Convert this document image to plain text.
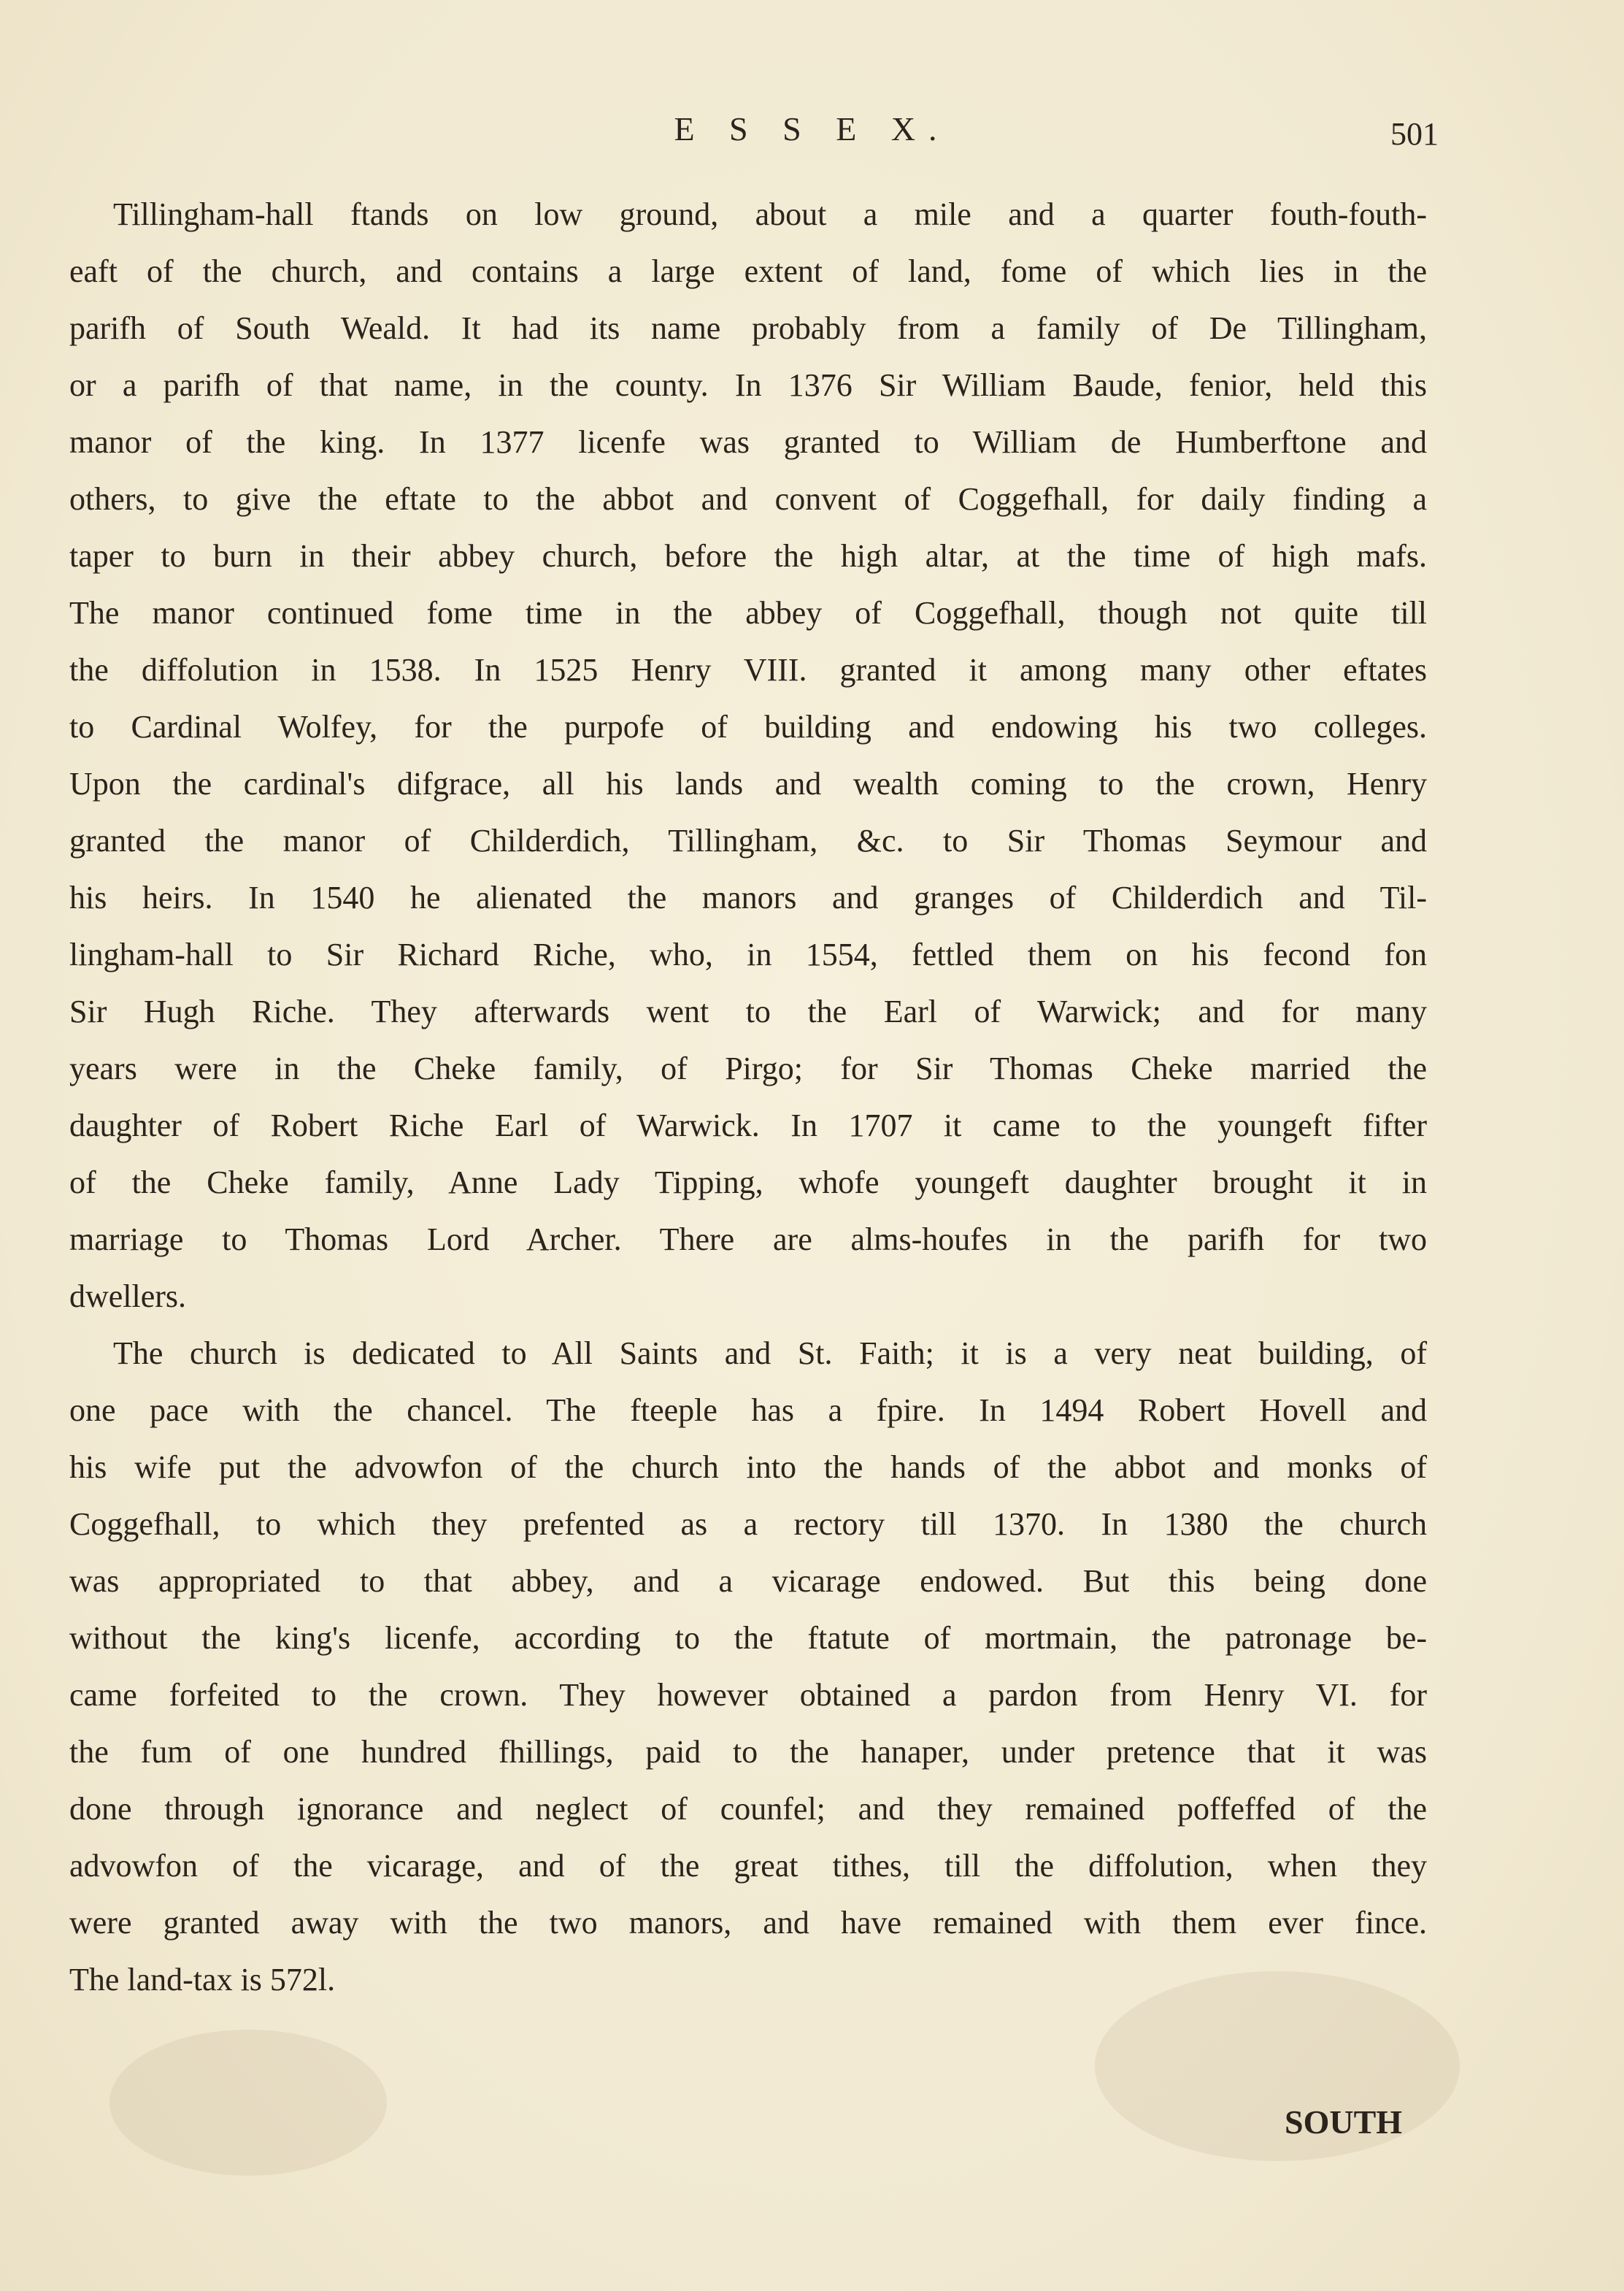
E S S E X.	501
Tillingham-hall ftands on low ground, about a mile and a quarter fouth-fouth-
eaft of the church, and contains a large extent of land, fome of which lies in the
parifh of South Weald. It had its name probably from a family of De Tillingham,
or a parifh of that name, in the county. In 1376 Sir William Baude, fenior, held this
manor of the king. In 1377 licenfe was granted to William de Humberftone and
others, to give the eftate to the abbot and convent of Coggefhall, for daily finding a
taper to burn in their abbey church, before the high altar, at the time of high mafs.
The manor continued fome time in the abbey of Coggefhall, though not quite till
the diffolution in 1538. In 1525 Henry VIII. granted it among many other eftates
to Cardinal Wolfey, for the purpofe of building and endowing his two colleges.
Upon the cardinal's difgrace, all his lands and wealth coming to the crown, Henry
granted the manor of Childerdich, Tillingham, &c. to Sir Thomas Seymour and
his heirs. In 1540 he alienated the manors and granges of Childerdich and Til-
lingham-hall to Sir Richard Riche, who, in 1554, fettled them on his fecond fon
Sir Hugh Riche. They afterwards went to the Earl of Warwick; and for many
years were in the Cheke family, of Pirgo; for Sir Thomas Cheke married the
daughter of Robert Riche Earl of Warwick. In 1707 it came to the youngeft fifter
of the Cheke family, Anne Lady Tipping, whofe youngeft daughter brought it in
marriage to Thomas Lord Archer. There are alms-houfes in the parifh for two
dwellers.
The church is dedicated to All Saints and St. Faith; it is a very neat building, of
one pace with the chancel. The fteeple has a fpire. In 1494 Robert Hovell and
his wife put the advowfon of the church into the hands of the abbot and monks of
Coggefhall, to which they prefented as a rectory till 1370. In 1380 the church
was appropriated to that abbey, and a vicarage endowed. But this being done
without the king's licenfe, according to the ftatute of mortmain, the patronage be-
came forfeited to the crown. They however obtained a pardon from Henry VI. for
the fum of one hundred fhillings, paid to the hanaper, under pretence that it was
done through ignorance and neglect of counfel; and they remained poffeffed of the
advowfon of the vicarage, and of the great tithes, till the diffolution, when they
were granted away with the two manors, and have remained with them ever fince.
The land-tax is 572l.
SOUTH
